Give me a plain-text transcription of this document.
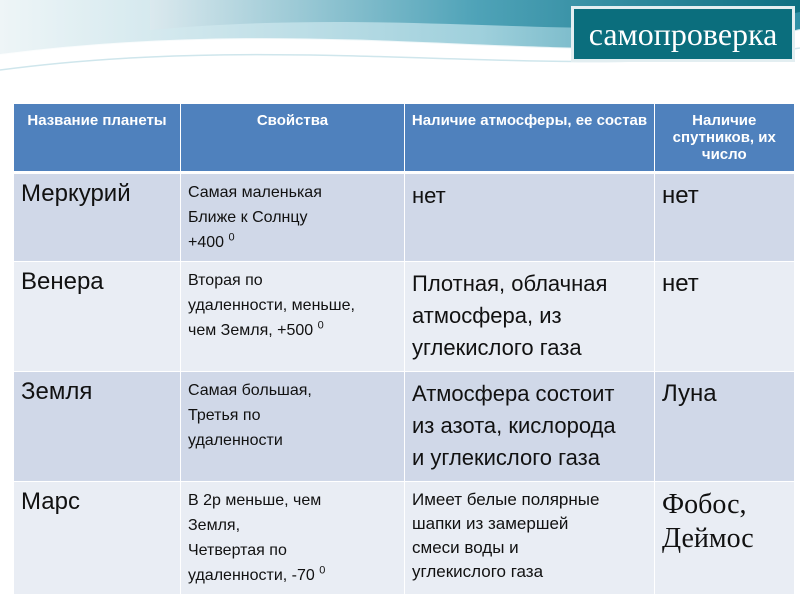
самопроверка
Название планеты	Свойства	Наличие атмосферы, ее состав	Наличие спутников, их число
Меркурий	Самая маленькая
Ближе к Солнцу
+400 $^0$	нет	нет

Венера	Вторая по
удаленности, меньше,
чем Земля, +500 $^0$	Плотная, облачная
атмосфера, из
углекислого газа	нет

Земля	Самая большая,
Третья по
удаленности	Атмосфера состоит
из азота, кислорода
и углекислого газа	Луна

Марс	В 2р меньше, чем
Земля,
Четвертая по
удаленности, -70 $^0$	Имеет белые полярные
шапки из замершей
смеси воды и
углекислого газа	Фобос,
Деймос
